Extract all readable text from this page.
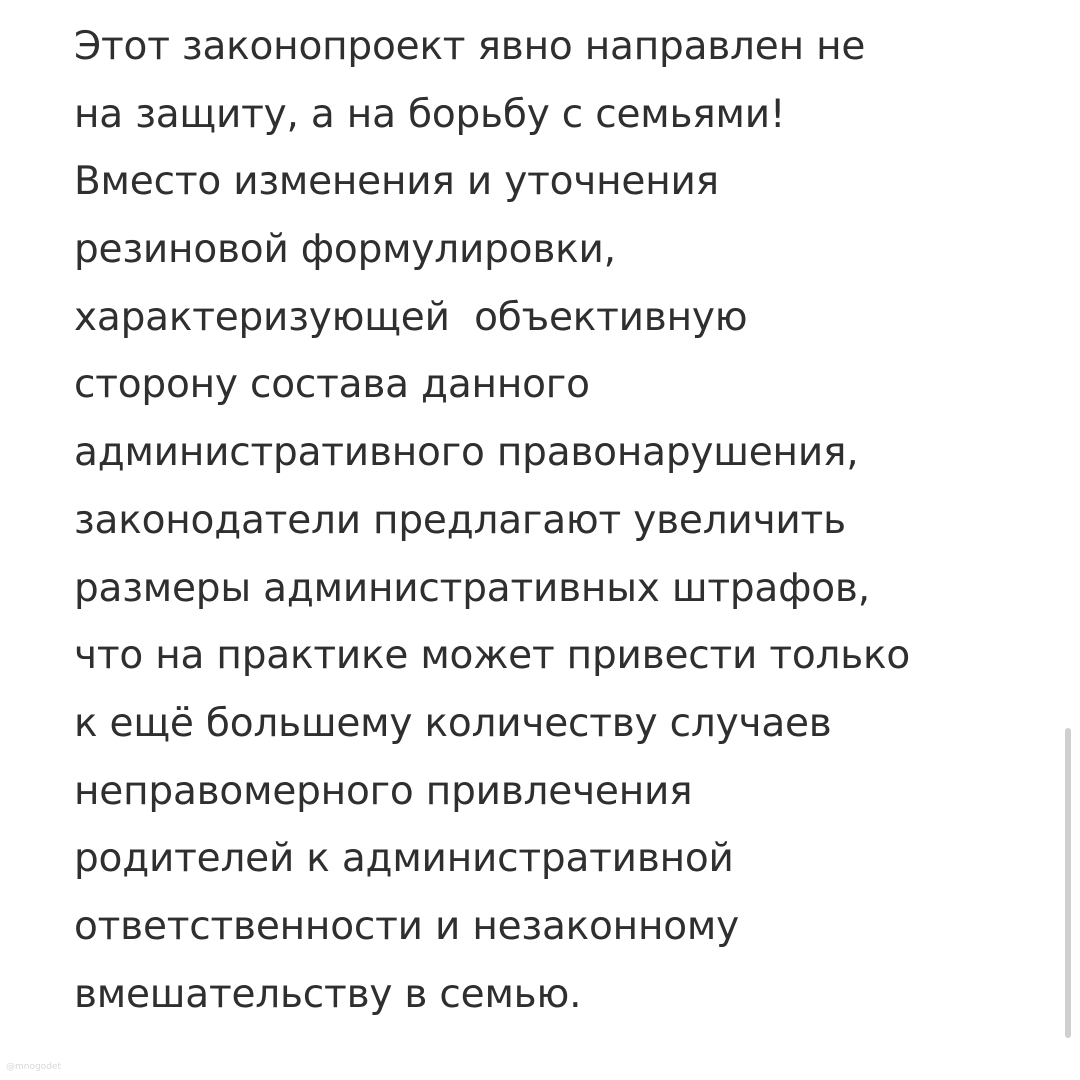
Этот законопроект явно направлен не
на защиту, а на борьбу с семьями!
Вместо изменения и уточнения
резиновой формулировки,
характеризующей  объективную
сторону состава данного
административного правонарушения,
законодатели предлагают увеличить
размеры административных штрафов,
что на практике может привести только
к ещё большему количеству случаев
неправомерного привлечения
родителей к административной
ответственности и незаконному
вмешательству в семью.
@mnogodet
